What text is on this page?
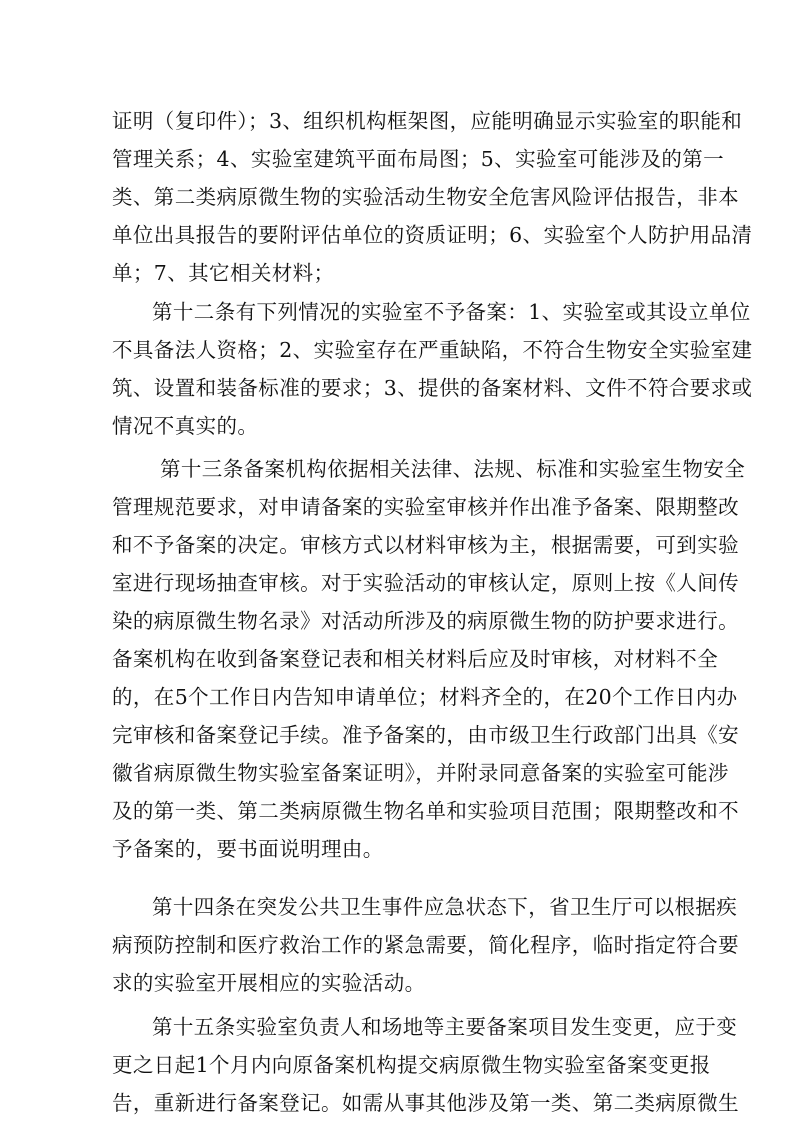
证明（复印件）；3、组织机构框架图，应能明确显示实验室的职能和
管理关系；4、实验室建筑平面布局图；5、实验室可能涉及的第一
类、第二类病原微生物的实验活动生物安全危害风险评估报告，非本
单位出具报告的要附评估单位的资质证明；6、实验室个人防护用品清
单；7、其它相关材料；
第十二条有下列情况的实验室不予备案：1、实验室或其设立单位
不具备法人资格；2、实验室存在严重缺陷，不符合生物安全实验室建
筑、设置和装备标准的要求；3、提供的备案材料、文件不符合要求或
情况不真实的。
第十三条备案机构依据相关法律、法规、标准和实验室生物安全
管理规范要求，对申请备案的实验室审核并作出准予备案、限期整改
和不予备案的决定。审核方式以材料审核为主，根据需要，可到实验
室进行现场抽查审核。对于实验活动的审核认定，原则上按《人间传
染的病原微生物名录》对活动所涉及的病原微生物的防护要求进行。
备案机构在收到备案登记表和相关材料后应及时审核，对材料不全
的，在5个工作日内告知申请单位；材料齐全的，在20个工作日内办
完审核和备案登记手续。准予备案的，由市级卫生行政部门出具《安
徽省病原微生物实验室备案证明》，并附录同意备案的实验室可能涉
及的第一类、第二类病原微生物名单和实验项目范围；限期整改和不
予备案的，要书面说明理由。
第十四条在突发公共卫生事件应急状态下，省卫生厅可以根据疾
病预防控制和医疗救治工作的紧急需要，简化程序，临时指定符合要
求的实验室开展相应的实验活动。
第十五条实验室负责人和场地等主要备案项目发生变更，应于变
更之日起1个月内向原备案机构提交病原微生物实验室备案变更报
告，重新进行备案登记。如需从事其他涉及第一类、第二类病原微生
